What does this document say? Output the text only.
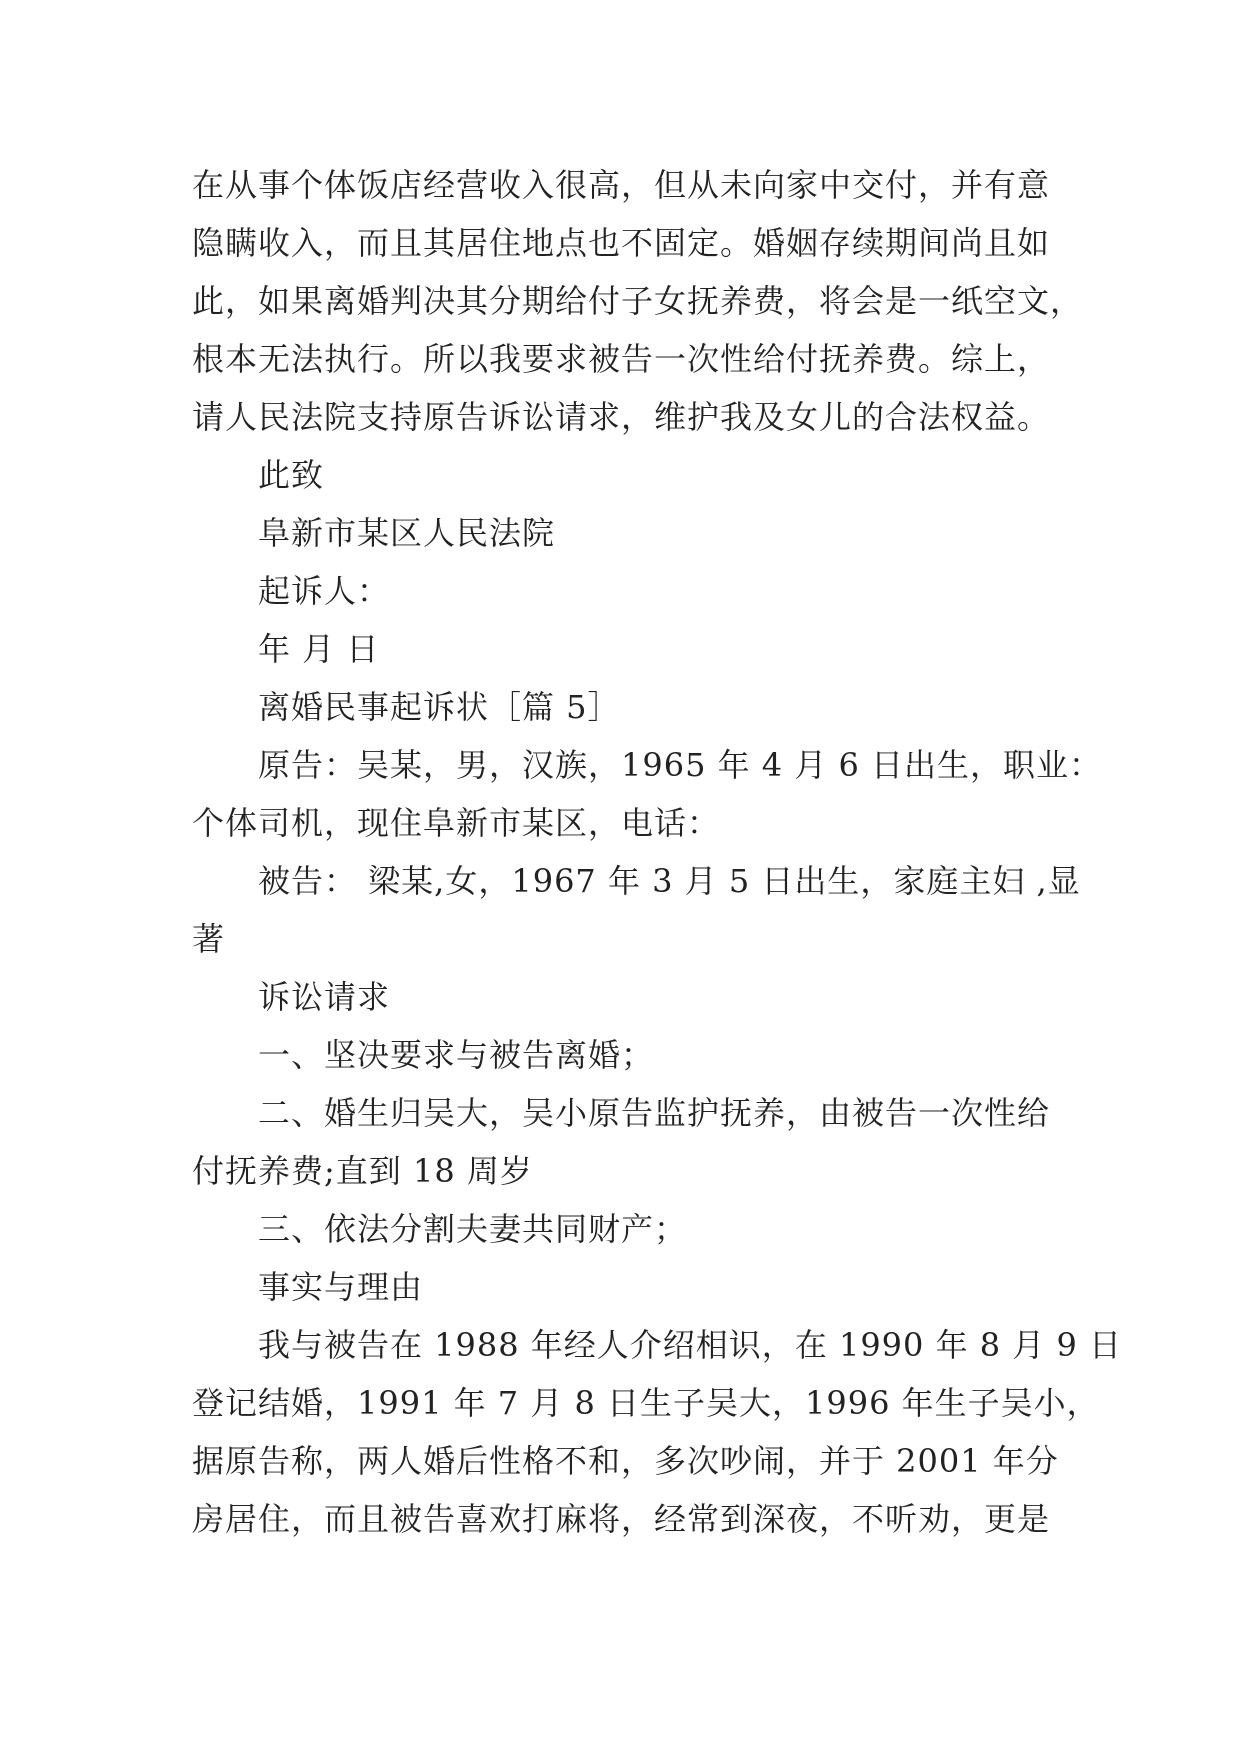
在从事个体饭店经营收入很高，但从未向家中交付，并有意
隐瞒收入，而且其居住地点也不固定。婚姻存续期间尚且如
此，如果离婚判决其分期给付子女抚养费，将会是一纸空文，
根本无法执行。所以我要求被告一次性给付抚养费。综上，
请人民法院支持原告诉讼请求，维护我及女儿的合法权益。
此致
阜新市某区人民法院
起诉人：
年 月 日
离婚民事起诉状［篇 5］
原告：吴某，男，汉族，1965 年 4 月 6 日出生，职业：
个体司机，现住阜新市某区，电话：
被告： 梁某,女，1967 年 3 月 5 日出生，家庭主妇 ,显
著
诉讼请求
一、坚决要求与被告离婚；
二、婚生归吴大，吴小原告监护抚养，由被告一次性给
付抚养费;直到 18 周岁
三、依法分割夫妻共同财产；
事实与理由
我与被告在 1988 年经人介绍相识，在 1990 年 8 月 9 日
登记结婚，1991 年 7 月 8 日生子吴大，1996 年生子吴小，
据原告称，两人婚后性格不和，多次吵闹，并于 2001 年分
房居住，而且被告喜欢打麻将，经常到深夜，不听劝，更是
